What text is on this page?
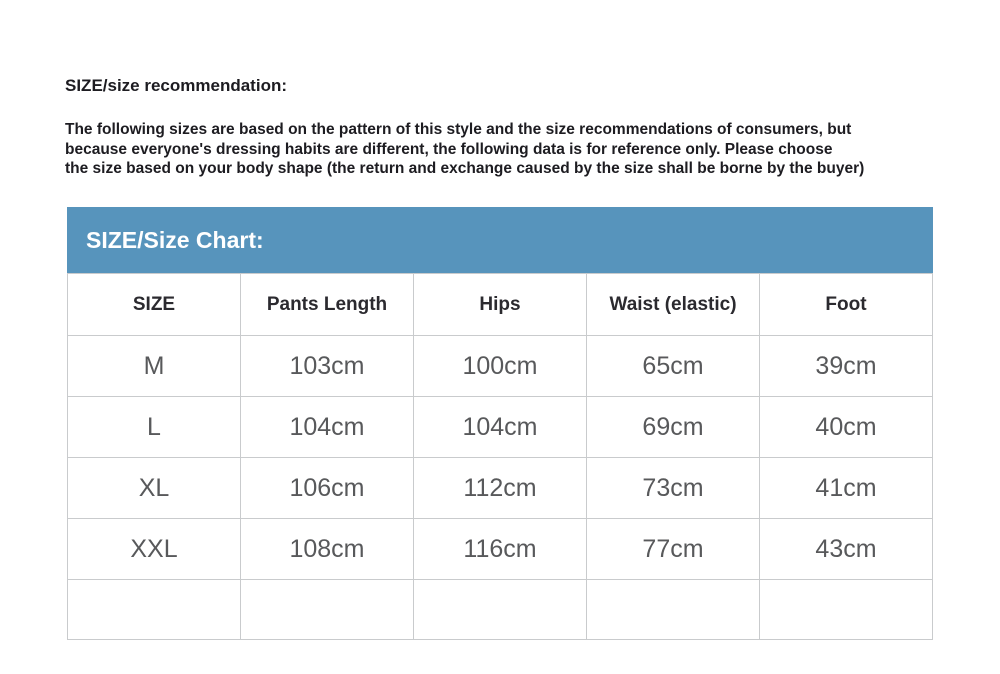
SIZE/size recommendation:
The following sizes are based on the pattern of this style and the size recommendations of consumers, but
because everyone's dressing habits are different, the following data is for reference only. Please choose
the size based on your body shape (the return and exchange caused by the size shall be borne by the buyer)
SIZE/Size Chart:
SIZE	Pants Length	Hips	Waist (elastic)	Foot
M	103cm	100cm	65cm	39cm
L	104cm	104cm	69cm	40cm
XL	106cm	112cm	73cm	41cm
XXL	108cm	116cm	77cm	43cm
